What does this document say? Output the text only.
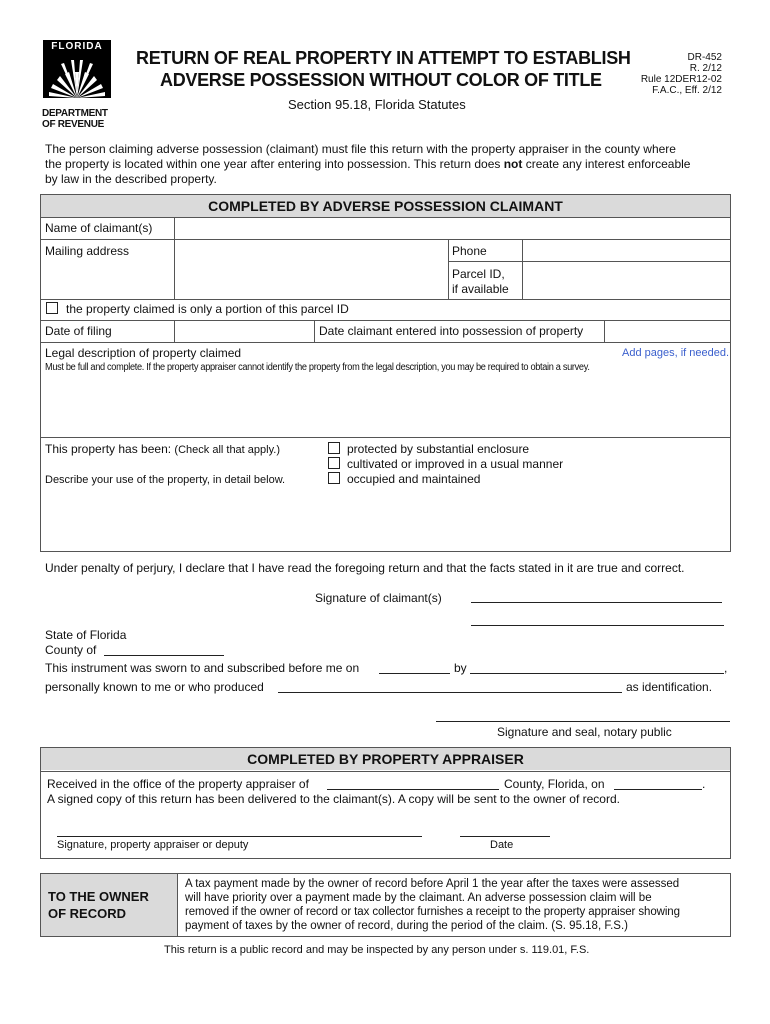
FLORIDA
DEPARTMENT
OF REVENUE
RETURN OF REAL PROPERTY IN ATTEMPT TO ESTABLISH
ADVERSE POSSESSION WITHOUT COLOR OF TITLE
Section 95.18, Florida Statutes
DR-452
R. 2/12
Rule 12DER12-02
F.A.C., Eff. 2/12
The person claiming adverse possession (claimant) must file this return with the property appraiser in the county where
the property is located within one year after entering into possession. This return does not create any interest enforceable
by law in the described property.
COMPLETED BY ADVERSE POSSESSION CLAIMANT
Name of claimant(s)
Mailing address	Phone
Parcel ID,
if available
the property claimed is only a portion of this parcel ID
Date of filing	Date claimant entered into possession of property
Legal description of property claimed	Add pages, if needed.
Must be full and complete. If the property appraiser cannot identify the property from the legal description, you may be required to obtain a survey.
This property has been: (Check all that apply.)
Describe your use of the property, in detail below.
protected by substantial enclosure
cultivated or improved in a usual manner
occupied and maintained
Under penalty of perjury, I declare that I have read the foregoing return and that the facts stated in it are true and correct.
Signature of claimant(s)
State of Florida
County of
This instrument was sworn to and subscribed before me on	by	,
personally known to me or who produced	as identification.
Signature and seal, notary public
COMPLETED BY PROPERTY APPRAISER
Received in the office of the property appraiser of	County, Florida, on	.
A signed copy of this return has been delivered to the claimant(s). A copy will be sent to the owner of record.
Signature, property appraiser or deputy	Date
TO THE OWNER
OF RECORD
A tax payment made by the owner of record before April 1 the year after the taxes were assessed
will have priority over a payment made by the claimant. An adverse possession claim will be
removed if the owner of record or tax collector furnishes a receipt to the property appraiser showing
payment of taxes by the owner of record, during the period of the claim. (S. 95.18, F.S.)
This return is a public record and may be inspected by any person under s. 119.01, F.S.
